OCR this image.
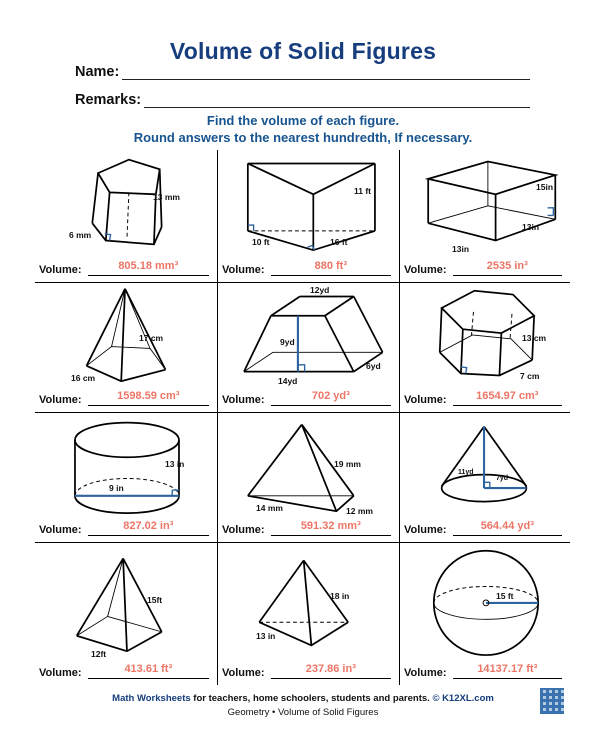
Volume of Solid Figures
Name:
Remarks:
Find the volume of each figure.
Round answers to the nearest hundredth, If necessary.
13 mm
6 mm
Volume:	805.18 mm³
11 ft
10 ft	16 ft
Volume:	880 ft³
15in
13in
13in
Volume:	2535 in³
17 cm
16 cm
Volume:	1598.59 cm³
12yd
9yd
14yd
6yd
Volume:	702 yd³
13 cm
7 cm
Volume:	1654.97 cm³
13 in
9 in
Volume:	827.02 in³
19 mm
14 mm	12 mm
Volume:	591.32 mm³
11yd
7yd
Volume:	564.44 yd³
15ft
12ft
Volume:	413.61 ft³
18 in
13 in
Volume:	237.86 in³
15 ft
Volume:	14137.17 ft³
Math Worksheets for teachers, home schoolers, students and parents. © K12XL.com
Geometry • Volume of Solid Figures
